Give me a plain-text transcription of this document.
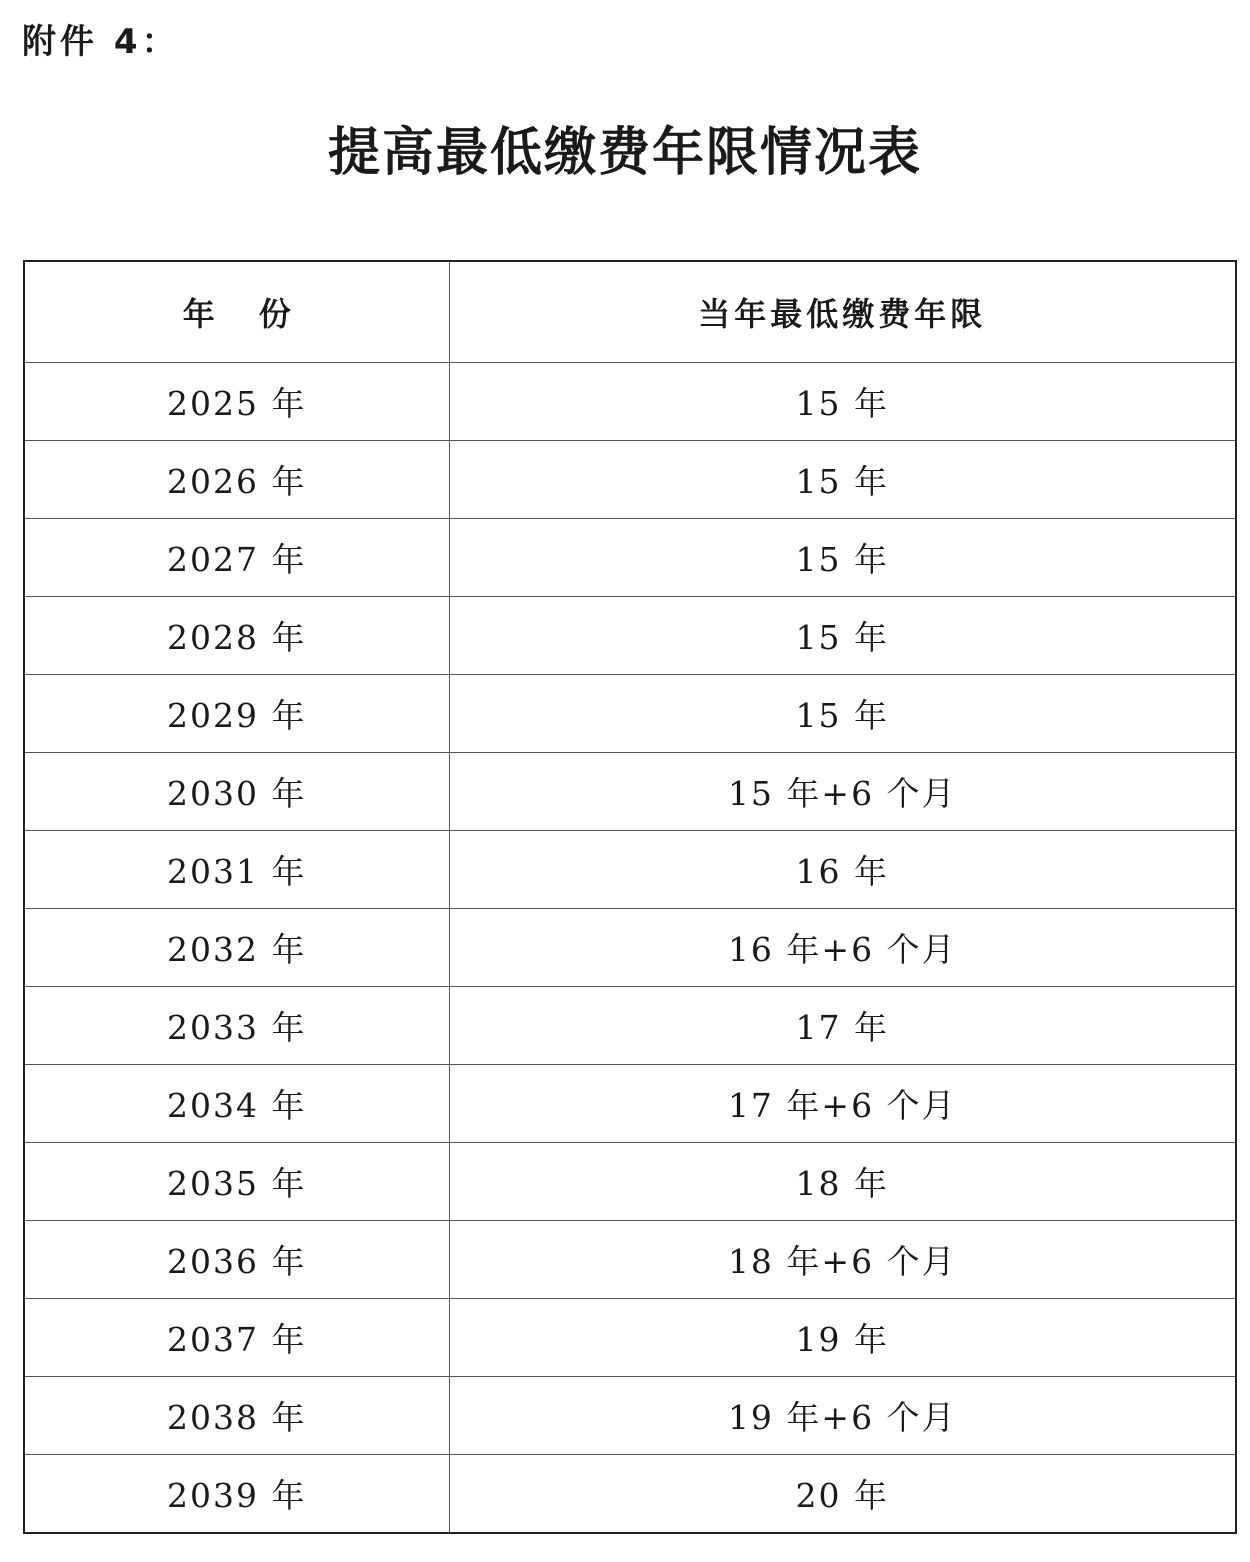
附件 4：
提高最低缴费年限情况表
年份	当年最低缴费年限
2025 年	15 年
2026 年	15 年
2027 年	15 年
2028 年	15 年
2029 年	15 年
2030 年	15 年+6 个月
2031 年	16 年
2032 年	16 年+6 个月
2033 年	17 年
2034 年	17 年+6 个月
2035 年	18 年
2036 年	18 年+6 个月
2037 年	19 年
2038 年	19 年+6 个月
2039 年	20 年
